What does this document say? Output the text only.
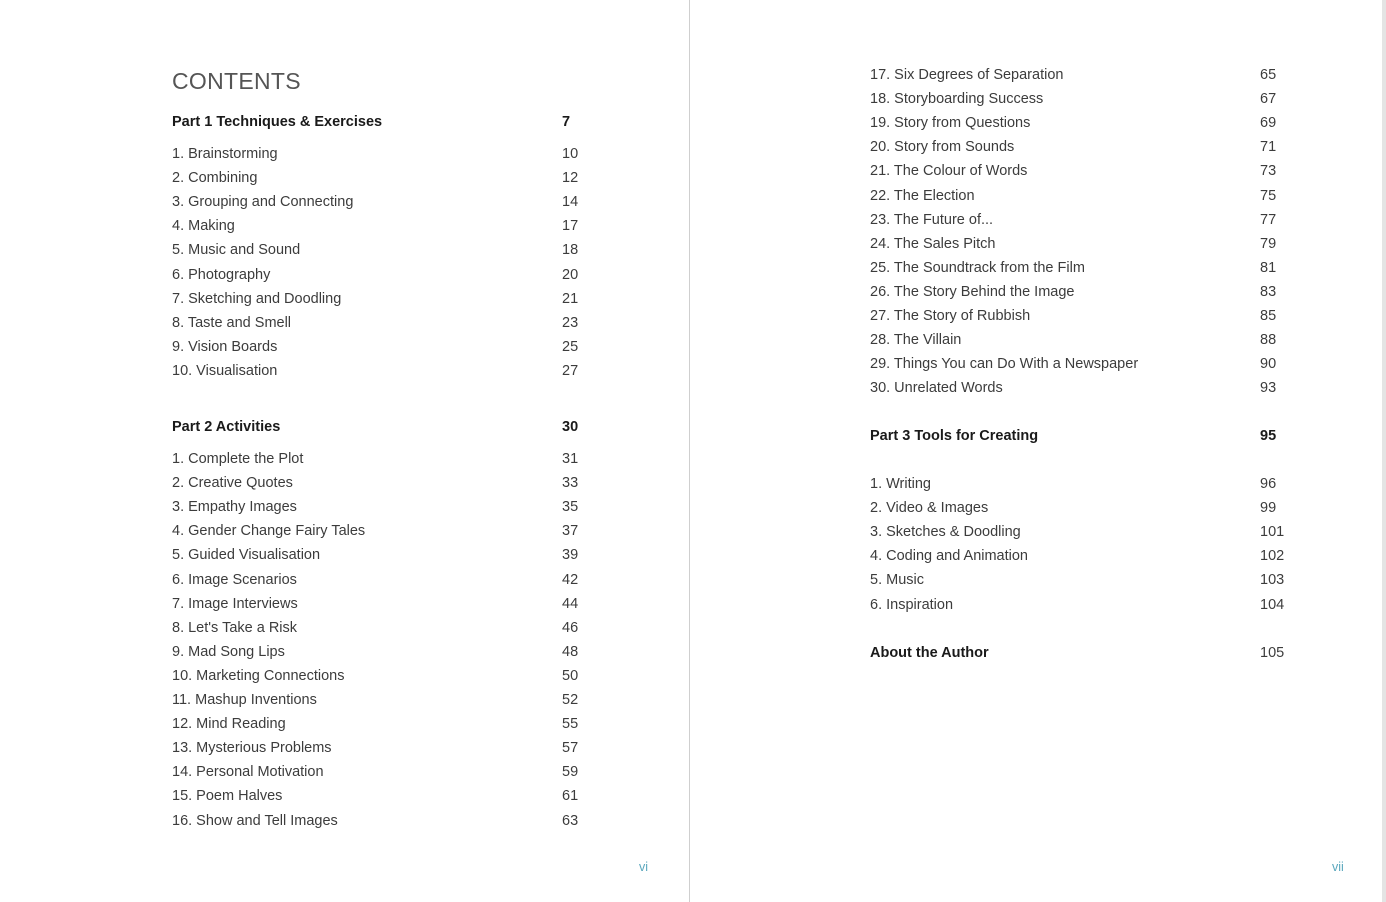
CONTENTS
Part 1 Techniques & Exercises	7
1. Brainstorming	10
2. Combining	12
3. Grouping and Connecting	14
4. Making	17
5. Music and Sound	18
6. Photography	20
7. Sketching and Doodling	21
8. Taste and Smell	23
9. Vision Boards	25
10. Visualisation	27
Part 2 Activities	30
1. Complete the Plot	31
2. Creative Quotes	33
3. Empathy Images	35
4. Gender Change Fairy Tales	37
5. Guided Visualisation	39
6. Image Scenarios	42
7. Image Interviews	44
8. Let's Take a Risk	46
9. Mad Song Lips	48
10. Marketing Connections	50
11. Mashup Inventions	52
12. Mind Reading	55
13. Mysterious Problems	57
14. Personal Motivation	59
15. Poem Halves	61
16. Show and Tell Images	63
vi
17. Six Degrees of Separation	65
18. Storyboarding Success	67
19. Story from Questions	69
20. Story from Sounds	71
21. The Colour of Words	73
22. The Election	75
23. The Future of...	77
24. The Sales Pitch	79
25. The Soundtrack from the Film	81
26. The Story Behind the Image	83
27. The Story of Rubbish	85
28. The Villain	88
29. Things You can Do With a Newspaper	90
30. Unrelated Words	93
Part 3 Tools for Creating	95
1. Writing	96
2. Video & Images	99
3. Sketches & Doodling	101
4. Coding and Animation	102
5. Music	103
6. Inspiration	104
About the Author	105
vii
